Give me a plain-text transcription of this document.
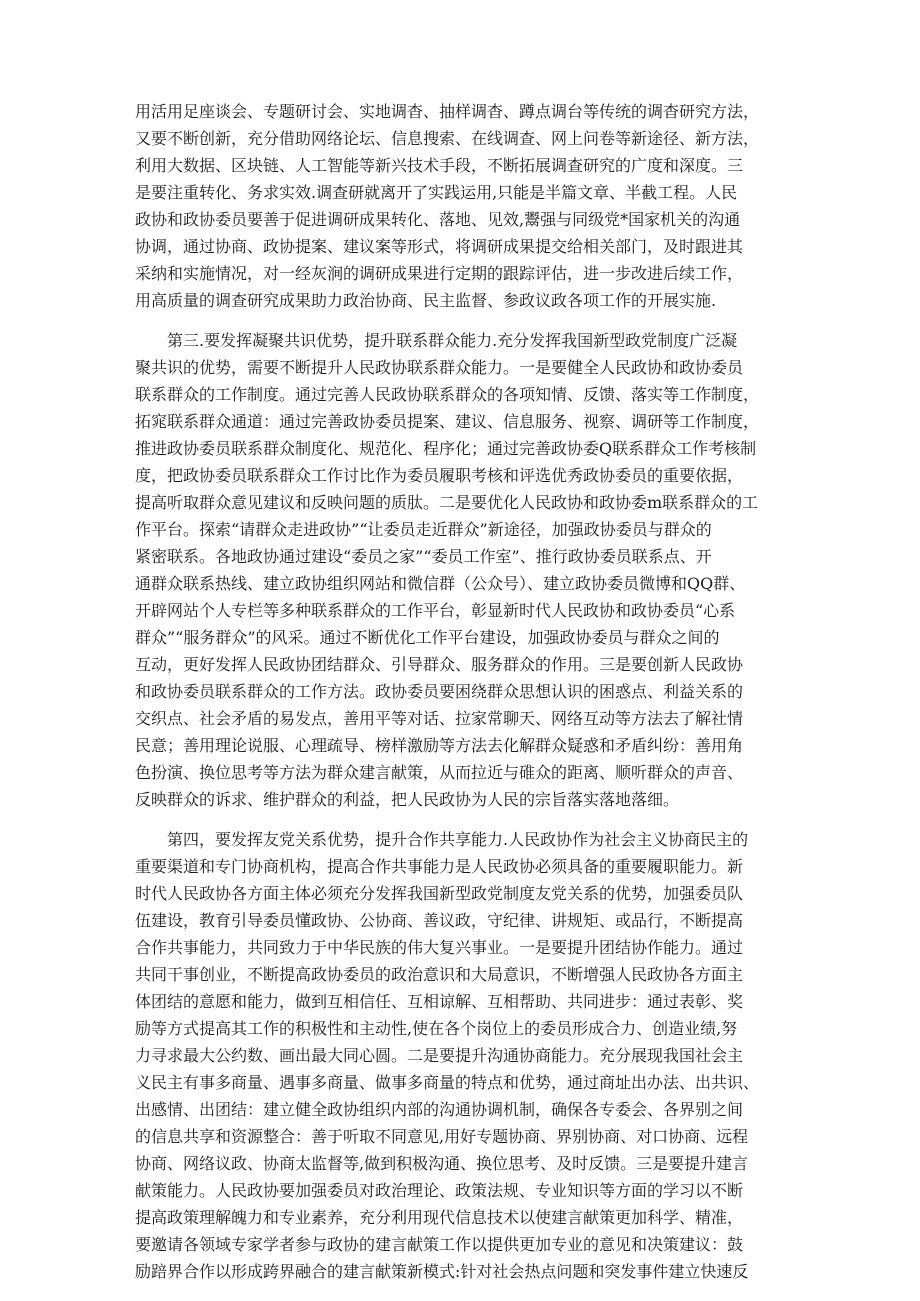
用活用足座谈会、专题研讨会、实地调杳、抽样调杳、蹲点调台等传统的调杳研究方法，
又要不断创新，充分借助网络论坛、信息搜索、在线调查、网上问卷等新途径、新方法，
利用大数据、区块链、人工智能等新兴技术手段，不断拓展调查研究的广度和深度。三
是要注重转化、务求实效.调查研就离开了实践运用,只能是半篇文章、半截工程。人民
政协和政协委员要善于促进调研成果转化、落地、见效,鬻强与同级党*国家机关的沟通
协调，通过协商、政协提案、建议案等形式，将调研成果提交给相关部门，及时跟进其
采纳和实施情况，对一经灰涧的调研成果进行定期的跟踪评估，进一步改进后续工作，
用高质量的调查研究成果助力政治协商、民主监督、参政议政各项工作的开展实施.
　　第三.要发挥凝聚共识优势，提升联系群众能力.充分发挥我国新型政党制度广泛凝
聚共识的优势，需要不断提升人民政协联系群众能力。一是要健全人民政协和政协委员
联系群众的工作制度。通过完善人民政协联系群众的各项知情、反馈、落实等工作制度，
拓窕联系群众通道：通过完善政协委员提案、建议、信息服务、视察、调研等工作制度，
推进政协委员联系群众制度化、规范化、程序化；通过完善政协委Q联系群众工作考核制
度，把政协委员联系群众工作讨比作为委员履职考核和评选优秀政协委员的重要依据，
提高听取群众意见建议和反映问题的质肽。二是要优化人民政协和政协委m联系群众的工
作平台。探索“请群众走进政协”“让委员走近群众”新途径，加强政协委员与群众的
紧密联系。各地政协通过建设“委员之家”“委员工作室”、推行政协委员联系点、开
通群众联系热线、建立政协组织网站和微信群（公众号）、建立政协委员微博和QQ群、
开辟网站个人专栏等多种联系群众的工作平台，彰显新时代人民政协和政协委员“心系
群众”“服务群众”的风采。通过不断优化工作平台建设，加强政协委员与群众之间的
互动，更好发挥人民政协团结群众、引导群众、服务群众的作用。三是要创新人民政协
和政协委员联系群众的工作方法。政协委员要困绕群众思想认识的困惑点、利益关系的
交织点、社会矛盾的易发点，善用平等对话、拉家常聊天、网络互动等方法去了解社情
民意；善用理论说服、心理疏导、榜样激励等方法去化解群众疑惑和矛盾纠纷：善用角
色扮演、换位思考等方法为群众建言献策，从而拉近与碓众的距离、顺听群众的声音、
反映群众的诉求、维护群众的利益，把人民政协为人民的宗旨落实落地落细。
　　第四，要发挥友党关系优势，提升合作共享能力.人民政协作为社会主义协商民主的
重要渠道和专门协商机构，提高合作共事能力是人民政协必须具备的重要履职能力。新
时代人民政协各方面主体必须充分发挥我国新型政党制度友党关系的优势，加强委员队
伍建设，教育引导委员懂政协、公协商、善议政，守纪律、讲规矩、或品行，不断提高
合作共事能力，共同致力于中华民族的伟大复兴事业。一是要提升团结协作能力。通过
共同干事创业，不断提高政协委员的政治意识和大局意识，不断增强人民政协各方面主
体团结的意愿和能力，做到互相信任、互相谅解、互相帮助、共同进步：通过表彰、奖
励等方式提高其工作的积极性和主动性,使在各个岗位上的委员形成合力、创造业绩,努
力寻求最大公约数、画出最大同心圆。二是要提升沟通协商能力。充分展现我国社会主
义民主有事多商量、遇事多商量、做事多商量的特点和优势，通过商址出办法、出共识、
出感情、出团结：建立健全政协组织内部的沟通协调机制，确保各专委会、各界别之间
的信息共享和资源整合：善于听取不同意见,用好专题协商、界别协商、对口协商、远程
协商、网络议政、协商太监督等,做到积极沟通、换位思考、及时反馈。三是要提升建言
献策能力。人民政协要加强委员对政治理论、政策法规、专业知识等方面的学习以不断
提高政策理解魄力和专业素养，充分利用现代信息技术以使建言献策更加科学、精准，
要邀请各领域专家学者参与政协的建言献策工作以提供更加专业的意见和决策建议：鼓
励踣界合作以形成跨界融合的建言献策新模式:针对社会热点问题和突发事件建立快速反
